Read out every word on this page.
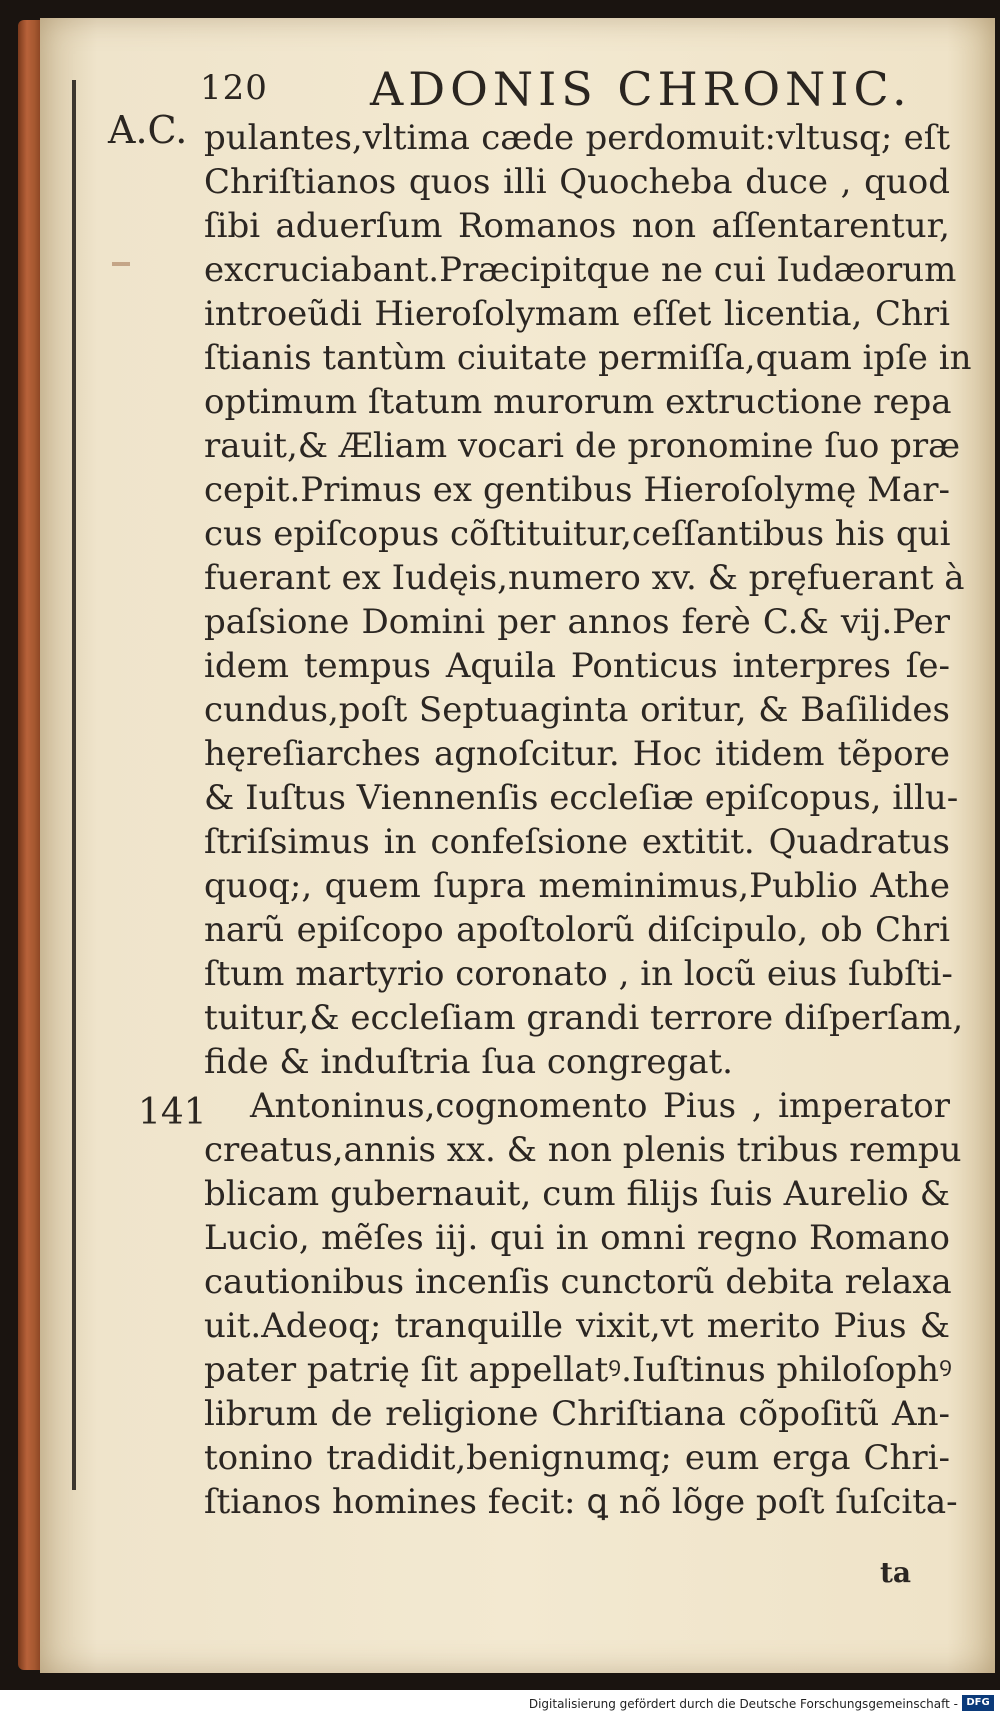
120 ADONIS CHRONIC.
A.C.
141
pulantes,vltima cæde perdomuit:vltusq; eſt
Chriſtianos quos illi Quocheba duce , quod
ſibi aduerſum Romanos non aſſentarentur,
excruciabant.Præcipitque ne cui Iudæorum
introeũdi Hieroſolymam eſſet licentia, Chri
ſtianis tantùm ciuitate permiſſa,quam ipſe in
optimum ſtatum murorum extructione repa
rauit,& Æliam vocari de pronomine ſuo præ
cepit.Primus ex gentibus Hieroſolymę Mar-
cus epiſcopus cõſtituitur,ceſſantibus his qui
fuerant ex Iudęis,numero xv. & pręfuerant à
paſsione Domini per annos ferè C.& vij.Per
idem tempus Aquila Ponticus interpres ſe-
cundus,poſt Septuaginta oritur, & Baſilides
hęreſiarches agnoſcitur. Hoc itidem tẽpore
& Iuſtus Viennenſis eccleſiæ epiſcopus, illu-
ſtriſsimus in confeſsione extitit. Quadratus
quoq;, quem ſupra meminimus,Publio Athe
narũ epiſcopo apoſtolorũ diſcipulo, ob Chri
ſtum martyrio coronato , in locũ eius ſubſti-
tuitur,& eccleſiam grandi terrore diſperſam,
fide & induſtria ſua congregat.
Antoninus,cognomento Pius , imperator
creatus,annis xx. & non plenis tribus rempu
blicam gubernauit, cum filijs ſuis Aurelio &
Lucio, mẽſes iij. qui in omni regno Romano
cautionibus incenſis cunctorũ debita relaxa
uit.Adeoq; tranquille vixit,vt merito Pius &
pater patrię ſit appellatꝰ.Iuſtinus philoſophꝰ
librum de religione Chriſtiana cõpoſitũ An-
tonino tradidit,benignumq; eum erga Chri-
ſtianos homines fecit: ꝗ nõ lõge poſt ſuſcita-
ta
Digitalisierung gefördert durch die Deutsche Forschungsgemeinschaft - DFG
